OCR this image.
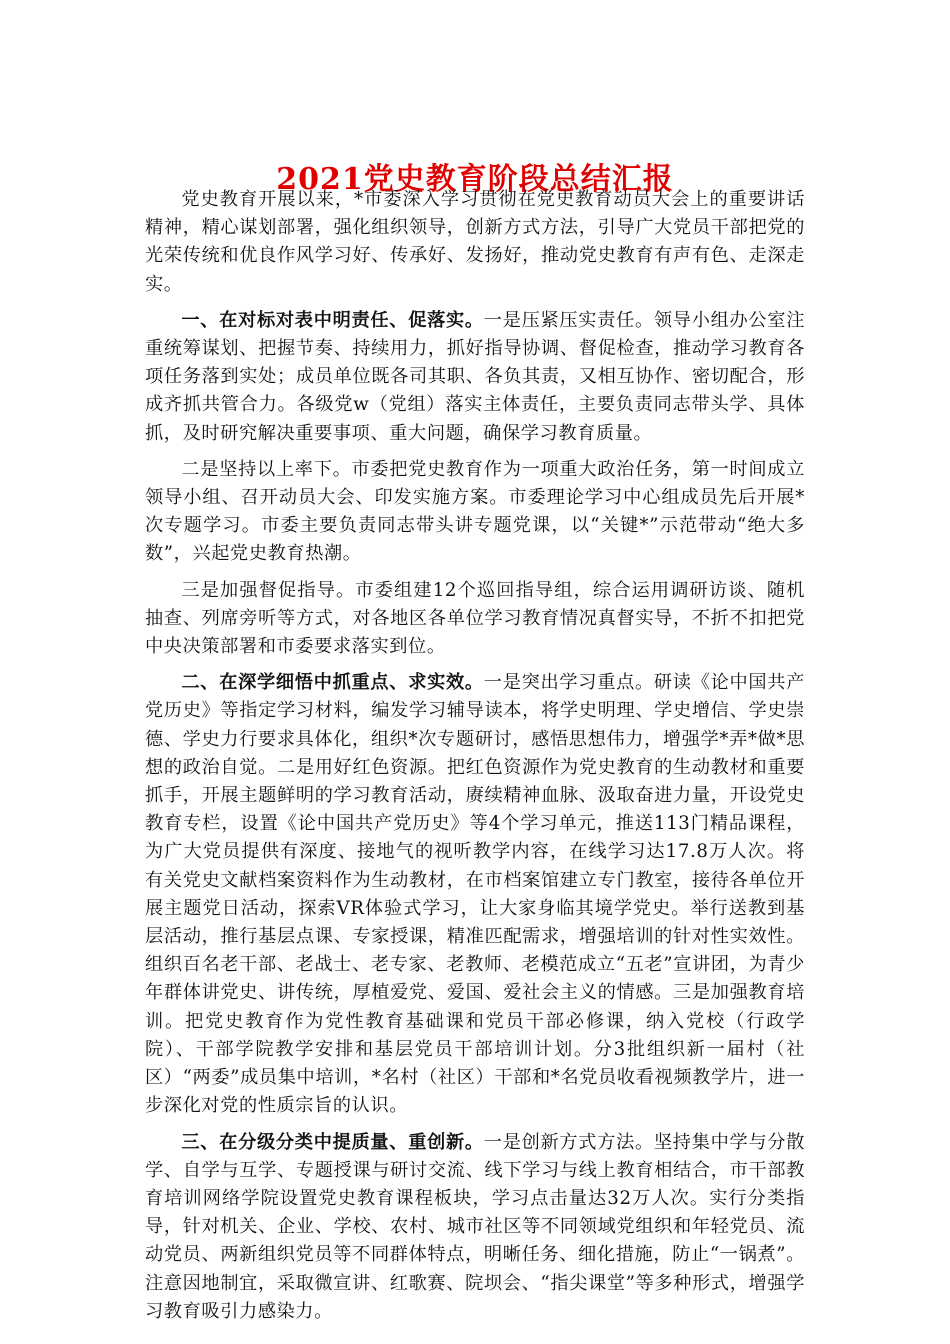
2021党史教育阶段总结汇报

党史教育开展以来，*市委深入学习贯彻在党史教育动员大会上的重要讲话精神，精心谋划部署，强化组织领导，创新方式方法，引导广大党员干部把党的光荣传统和优良作风学习好、传承好、发扬好，推动党史教育有声有色、走深走实。

一、在对标对表中明责任、促落实。一是压紧压实责任。领导小组办公室注重统筹谋划、把握节奏、持续用力，抓好指导协调、督促检查，推动学习教育各项任务落到实处；成员单位既各司其职、各负其责，又相互协作、密切配合，形成齐抓共管合力。各级党w（党组）落实主体责任，主要负责同志带头学、具体抓，及时研究解决重要事项、重大问题，确保学习教育质量。

二是坚持以上率下。市委把党史教育作为一项重大政治任务，第一时间成立领导小组、召开动员大会、印发实施方案。市委理论学习中心组成员先后开展*次专题学习。市委主要负责同志带头讲专题党课，以“关键*”示范带动“绝大多数”，兴起党史教育热潮。

三是加强督促指导。市委组建12个巡回指导组，综合运用调研访谈、随机抽查、列席旁听等方式，对各地区各单位学习教育情况真督实导，不折不扣把党中央决策部署和市委要求落实到位。

二、在深学细悟中抓重点、求实效。一是突出学习重点。研读《论中国共产党历史》等指定学习材料，编发学习辅导读本，将学史明理、学史增信、学史崇德、学史力行要求具体化，组织*次专题研讨，感悟思想伟力，增强学*弄*做*思想的政治自觉。二是用好红色资源。把红色资源作为党史教育的生动教材和重要抓手，开展主题鲜明的学习教育活动，赓续精神血脉、汲取奋进力量，开设党史教育专栏，设置《论中国共产党历史》等4个学习单元，推送113门精品课程，为广大党员提供有深度、接地气的视听教学内容，在线学习达17.8万人次。将有关党史文献档案资料作为生动教材，在市档案馆建立专门教室，接待各单位开展主题党日活动，探索VR体验式学习，让大家身临其境学党史。举行送教到基层活动，推行基层点课、专家授课，精准匹配需求，增强培训的针对性实效性。组织百名老干部、老战士、老专家、老教师、老模范成立“五老”宣讲团，为青少年群体讲党史、讲传统，厚植爱党、爱国、爱社会主义的情感。三是加强教育培训。把党史教育作为党性教育基础课和党员干部必修课，纳入党校（行政学院）、干部学院教学安排和基层党员干部培训计划。分3批组织新一届村（社区）“两委”成员集中培训，*名村（社区）干部和*名党员收看视频教学片，进一步深化对党的性质宗旨的认识。

三、在分级分类中提质量、重创新。一是创新方式方法。坚持集中学与分散学、自学与互学、专题授课与研讨交流、线下学习与线上教育相结合，市干部教育培训网络学院设置党史教育课程板块，学习点击量达32万人次。实行分类指导，针对机关、企业、学校、农村、城市社区等不同领域党组织和年轻党员、流动党员、两新组织党员等不同群体特点，明晰任务、细化措施，防止“一锅煮”。注意因地制宜，采取微宣讲、红歌赛、院坝会、“指尖课堂”等多种形式，增强学习教育吸引力感染力。
